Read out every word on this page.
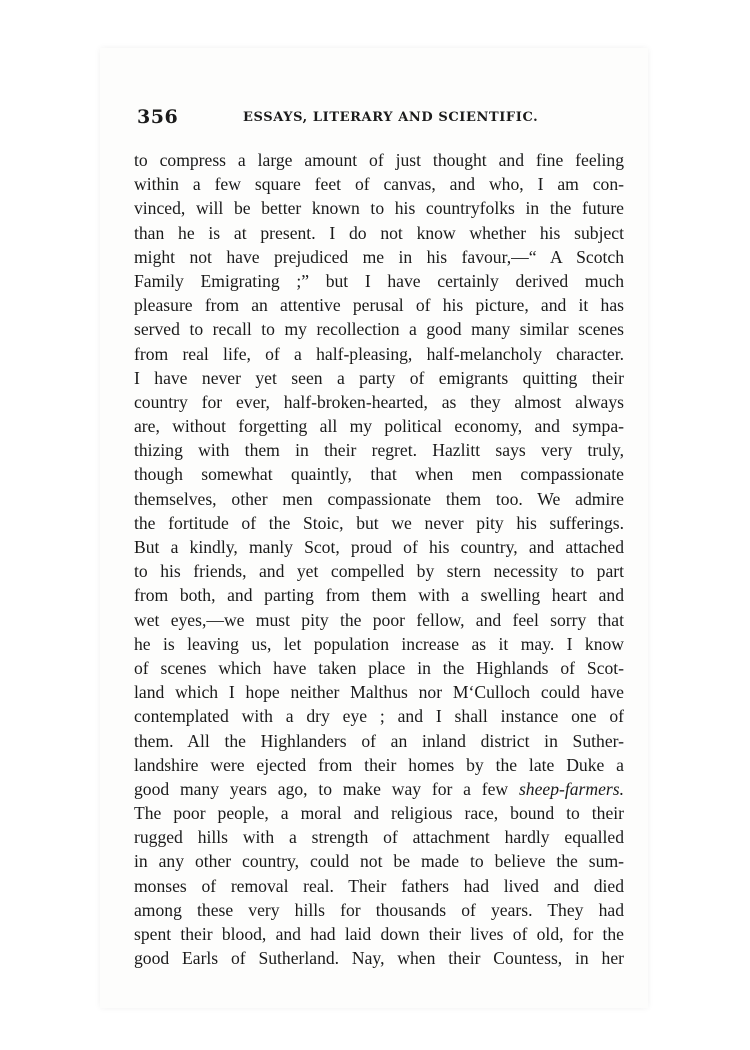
356	ESSAYS, LITERARY AND SCIENTIFIC.
to compress a large amount of just thought and fine feeling
within a few square feet of canvas, and who, I am con-
vinced, will be better known to his countryfolks in the future
than he is at present. I do not know whether his subject
might not have prejudiced me in his favour,—“ A Scotch
Family Emigrating ;” but I have certainly derived much
pleasure from an attentive perusal of his picture, and it has
served to recall to my recollection a good many similar scenes
from real life, of a half-pleasing, half-melancholy character.
I have never yet seen a party of emigrants quitting their
country for ever, half-broken-hearted, as they almost always
are, without forgetting all my political economy, and sympa-
thizing with them in their regret. Hazlitt says very truly,
though somewhat quaintly, that when men compassionate
themselves, other men compassionate them too. We admire
the fortitude of the Stoic, but we never pity his sufferings.
But a kindly, manly Scot, proud of his country, and attached
to his friends, and yet compelled by stern necessity to part
from both, and parting from them with a swelling heart and
wet eyes,—we must pity the poor fellow, and feel sorry that
he is leaving us, let population increase as it may. I know
of scenes which have taken place in the Highlands of Scot-
land which I hope neither Malthus nor M‘Culloch could have
contemplated with a dry eye ; and I shall instance one of
them. All the Highlanders of an inland district in Suther-
landshire were ejected from their homes by the late Duke a
good many years ago, to make way for a few sheep-farmers.
The poor people, a moral and religious race, bound to their
rugged hills with a strength of attachment hardly equalled
in any other country, could not be made to believe the sum-
monses of removal real. Their fathers had lived and died
among these very hills for thousands of years. They had
spent their blood, and had laid down their lives of old, for the
good Earls of Sutherland. Nay, when their Countess, in her
